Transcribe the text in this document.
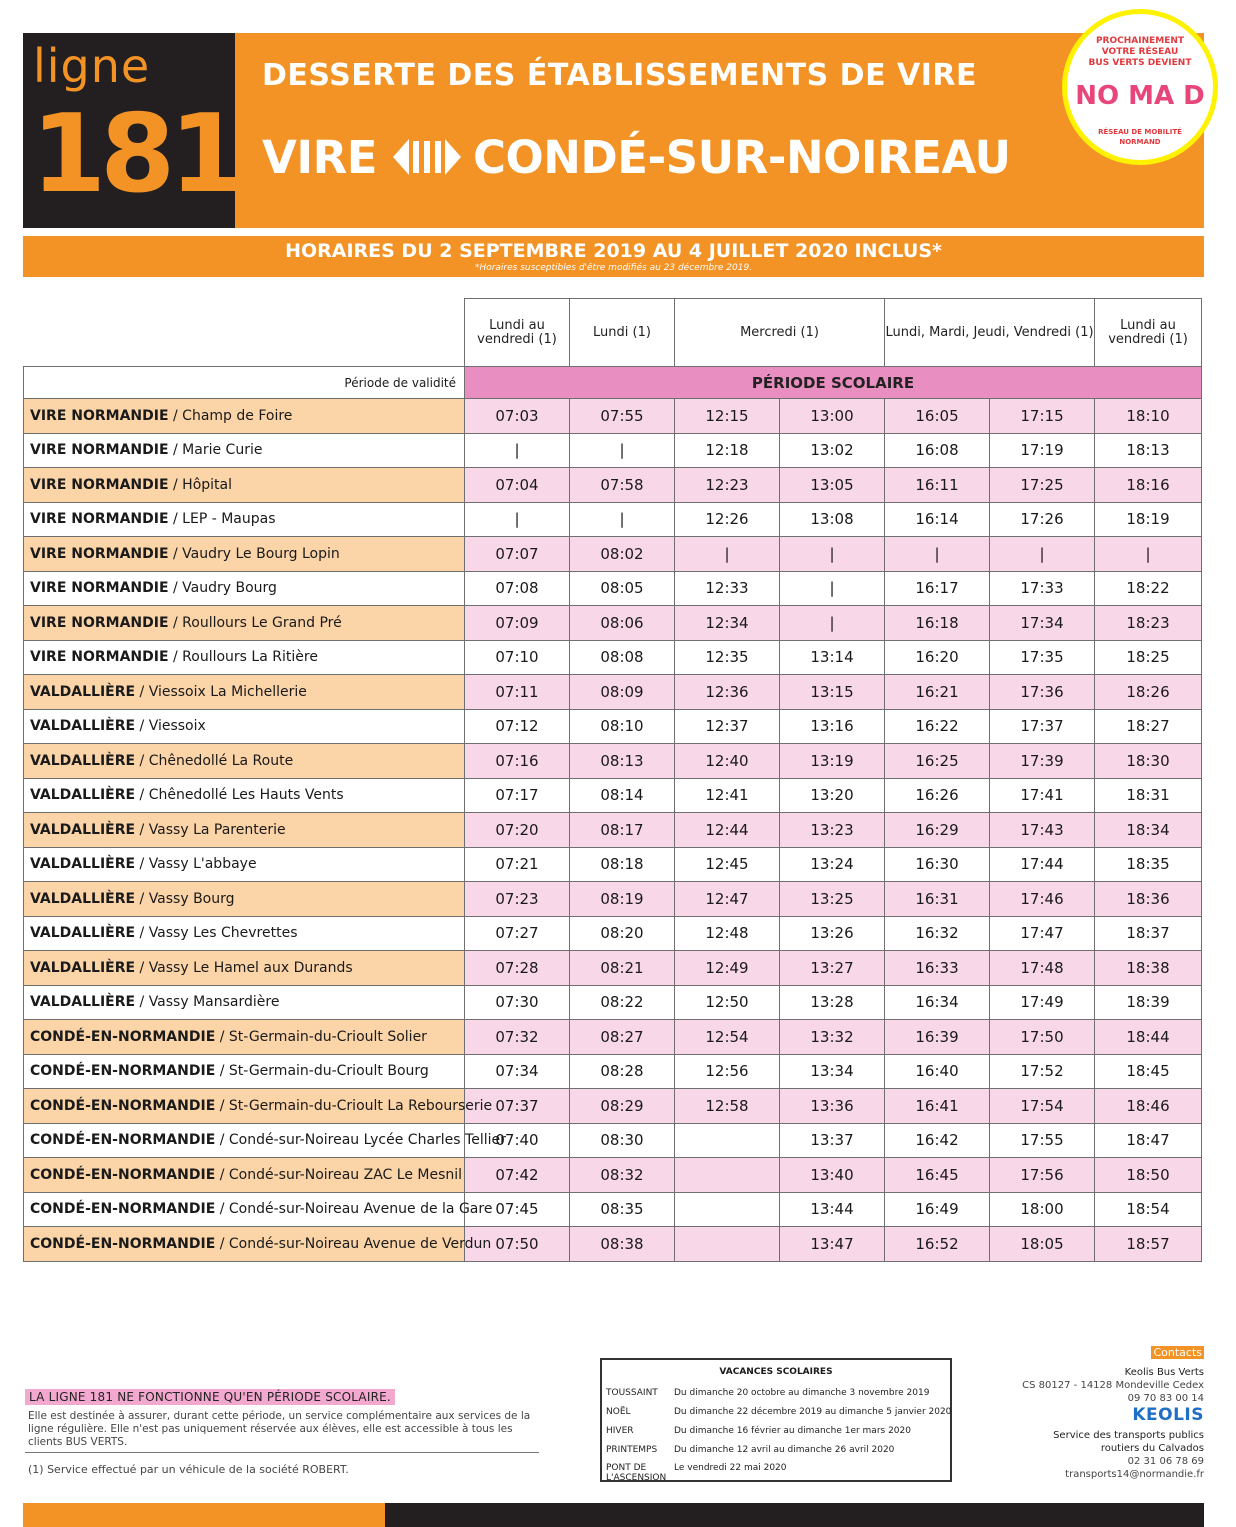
ligne
181
DESSERTE DES ÉTABLISSEMENTS DE VIRE
VIRE CONDÉ-SUR-NOIREAU
PROCHAINEMENT
VOTRE RÉSEAU
BUS VERTS DEVIENT
NO MA D
RÉSEAU DE MOBILITÉ
NORMAND
HORAIRES DU 2 SEPTEMBRE 2019 AU 4 JUILLET 2020 INCLUS*
*Horaires susceptibles d'être modifiés au 23 décembre 2019.
	Lundi au vendredi (1)	Lundi (1)	Mercredi (1)		Lundi, Mardi, Jeudi, Vendredi (1)		Lundi au vendredi (1)
Période de validité	PÉRIODE SCOLAIRE						
VIRE NORMANDIE / Champ de Foire	07:03	07:55	12:15	13:00	16:05	17:15	18:10
VIRE NORMANDIE / Marie Curie	|	|	12:18	13:02	16:08	17:19	18:13
VIRE NORMANDIE / Hôpital	07:04	07:58	12:23	13:05	16:11	17:25	18:16
VIRE NORMANDIE / LEP - Maupas	|	|	12:26	13:08	16:14	17:26	18:19
VIRE NORMANDIE / Vaudry Le Bourg Lopin	07:07	08:02	|	|	|	|	|
VIRE NORMANDIE / Vaudry Bourg	07:08	08:05	12:33	|	16:17	17:33	18:22
VIRE NORMANDIE / Roullours Le Grand Pré	07:09	08:06	12:34	|	16:18	17:34	18:23
VIRE NORMANDIE / Roullours La Ritière	07:10	08:08	12:35	13:14	16:20	17:35	18:25
VALDALLIÈRE / Viessoix La Michellerie	07:11	08:09	12:36	13:15	16:21	17:36	18:26
VALDALLIÈRE / Viessoix	07:12	08:10	12:37	13:16	16:22	17:37	18:27
VALDALLIÈRE / Chênedollé La Route	07:16	08:13	12:40	13:19	16:25	17:39	18:30
VALDALLIÈRE / Chênedollé Les Hauts Vents	07:17	08:14	12:41	13:20	16:26	17:41	18:31
VALDALLIÈRE / Vassy La Parenterie	07:20	08:17	12:44	13:23	16:29	17:43	18:34
VALDALLIÈRE / Vassy L'abbaye	07:21	08:18	12:45	13:24	16:30	17:44	18:35
VALDALLIÈRE / Vassy Bourg	07:23	08:19	12:47	13:25	16:31	17:46	18:36
VALDALLIÈRE / Vassy Les Chevrettes	07:27	08:20	12:48	13:26	16:32	17:47	18:37
VALDALLIÈRE / Vassy Le Hamel aux Durands	07:28	08:21	12:49	13:27	16:33	17:48	18:38
VALDALLIÈRE / Vassy Mansardière	07:30	08:22	12:50	13:28	16:34	17:49	18:39
CONDÉ-EN-NORMANDIE / St-Germain-du-Crioult Solier	07:32	08:27	12:54	13:32	16:39	17:50	18:44
CONDÉ-EN-NORMANDIE / St-Germain-du-Crioult Bourg	07:34	08:28	12:56	13:34	16:40	17:52	18:45
CONDÉ-EN-NORMANDIE / St-Germain-du-Crioult La Rebourserie	07:37	08:29	12:58	13:36	16:41	17:54	18:46
CONDÉ-EN-NORMANDIE / Condé-sur-Noireau Lycée Charles Tellier	07:40	08:30		13:37	16:42	17:55	18:47
CONDÉ-EN-NORMANDIE / Condé-sur-Noireau ZAC Le Mesnil	07:42	08:32		13:40	16:45	17:56	18:50
CONDÉ-EN-NORMANDIE / Condé-sur-Noireau Avenue de la Gare	07:45	08:35		13:44	16:49	18:00	18:54
CONDÉ-EN-NORMANDIE / Condé-sur-Noireau Avenue de Verdun	07:50	08:38		13:47	16:52	18:05	18:57
LA LIGNE 181 NE FONCTIONNE QU'EN PÉRIODE SCOLAIRE.
Elle est destinée à assurer, durant cette période, un service complémentaire aux services de la ligne régulière. Elle n'est pas uniquement réservée aux élèves, elle est accessible à tous les clients BUS VERTS.
(1) Service effectué par un véhicule de la société ROBERT.
VACANCES SCOLAIRES
TOUSSAINT	Du dimanche 20 octobre au dimanche 3 novembre 2019
NOËL	Du dimanche 22 décembre 2019 au dimanche 5 janvier 2020
HIVER	Du dimanche 16 février au dimanche 1er mars 2020
PRINTEMPS	Du dimanche 12 avril au dimanche 26 avril 2020
PONT DE L'ASCENSION
Le vendredi 22 mai 2020
Contacts
Keolis Bus Verts
CS 80127 - 14128 Mondeville Cedex
09 70 83 00 14
KEOLIS
Service des transports publics
routiers du Calvados
02 31 06 78 69
transports14@normandie.fr
